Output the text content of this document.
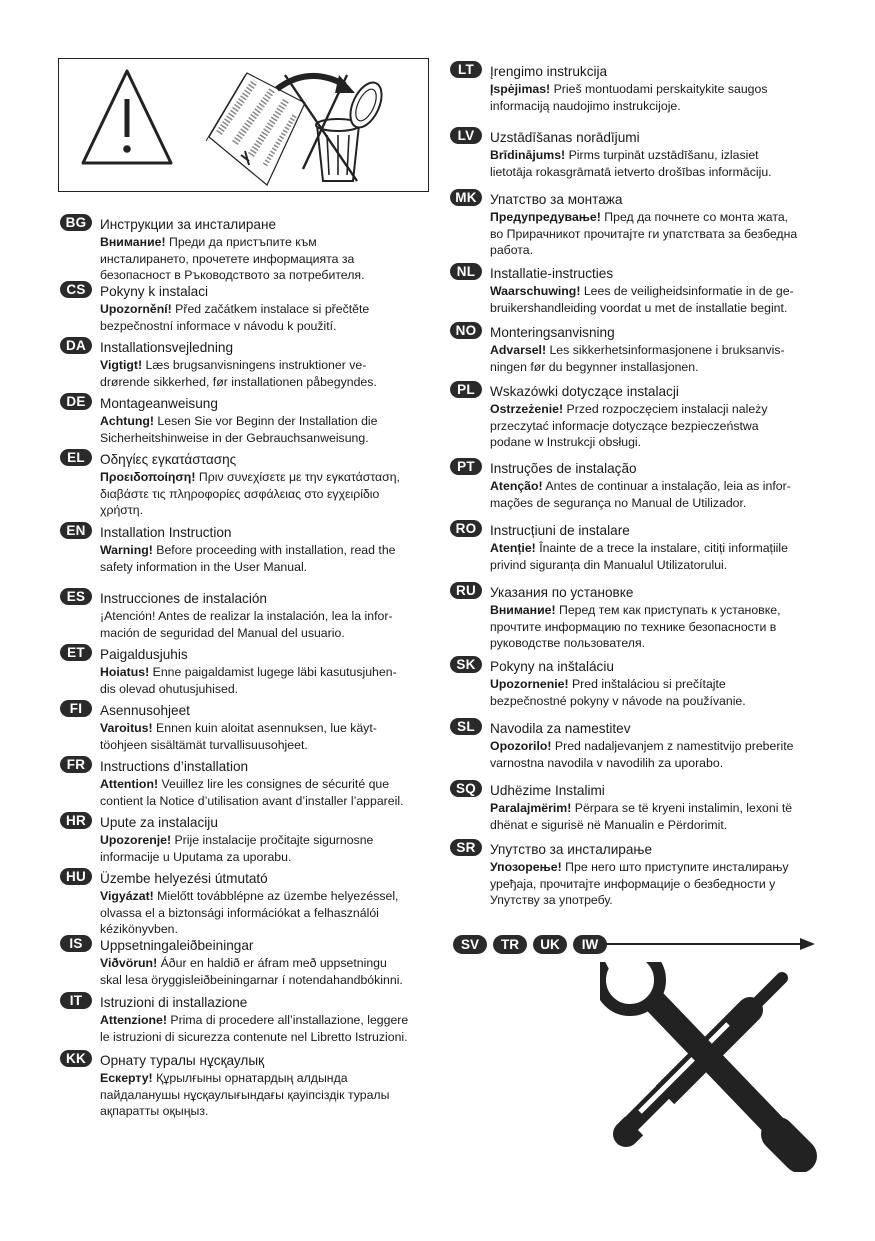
BG	Инструкции за инсталиране
Внимание! Преди да пристъпите към
инсталирането, прочетете информацията за
безопасност в Ръководството за потребителя.
CS	Pokyny k instalaci
Upozornění! Před začátkem instalace si přečtěte
bezpečnostní informace v návodu k použití.
DA	Installationsvejledning
Vigtigt! Læs brugsanvisningens instruktioner ve-
drørende sikkerhed, før installationen påbegyndes.
DE	Montageanweisung
Achtung! Lesen Sie vor Beginn der Installation die
Sicherheitshinweise in der Gebrauchsanweisung.
EL	Οδηγίες εγκατάστασης
Προειδοποίηση! Πριν συνεχίσετε με την εγκατάσταση,
διαβάστε τις πληροφορίες ασφάλειας στο εγχειρίδιο
χρήστη.
EN	Installation Instruction
Warning! Before proceeding with installation, read the
safety information in the User Manual.
ES	Instrucciones de instalación
¡Atención! Antes de realizar la instalación, lea la infor-
mación de seguridad del Manual del usuario.
ET	Paigaldusjuhis
Hoiatus! Enne paigaldamist lugege läbi kasutusjuhen-
dis olevad ohutusjuhised.
FI	Asennusohjeet
Varoitus! Ennen kuin aloitat asennuksen, lue käyt-
töohjeen sisältämät turvallisuusohjeet.
FR	Instructions d’installation
Attention! Veuillez lire les consignes de sécurité que
contient la Notice d’utilisation avant d’installer l’appareil.
HR	Upute za instalaciju
Upozorenje! Prije instalacije pročitajte sigurnosne
informacije u Uputama za uporabu.
HU	Üzembe helyezési útmutató
Vigyázat! Mielőtt továbblépne az üzembe helyezéssel,
olvassa el a biztonsági információkat a felhasználói
kézikönyvben.
IS	Uppsetningaleiðbeiningar
Viðvörun! Áður en haldið er áfram með uppsetningu
skal lesa öryggisleiðbeiningarnar í notendahandbókinni.
IT	Istruzioni di installazione
Attenzione! Prima di procedere all’installazione, leggere
le istruzioni di sicurezza contenute nel Libretto Istruzioni.
KK	Орнату туралы нұсқаулық
Ескерту! Құрылғыны орнатардың алдында
пайдаланушы нұсқаулығындағы қауіпсіздік туралы
ақпаратты оқыңыз.
LT	Įrengimo instrukcija
Įspėjimas! Prieš montuodami perskaitykite saugos
informaciją naudojimo instrukcijoje.
LV	Uzstādīšanas norādījumi
Brīdinājums! Pirms turpināt uzstādīšanu, izlasiet
lietotāja rokasgrāmatā ietverto drošības informāciju.
MK Упатство за монтажа
Предупредување! Пред да почнете со монта жата,
во Прирачникот прочитајте ги упатствата за безбедна
работа.
NL	Installatie-instructies
Waarschuwing! Lees de veiligheidsinformatie in de ge-
bruikershandleiding voordat u met de installatie begint.
NO	Monteringsanvisning
Advarsel! Les sikkerhetsinformasjonene i bruksanvis-
ningen før du begynner installasjonen.
PL	Wskazówki dotyczące instalacji
Ostrzeżenie! Przed rozpoczęciem instalacji należy
przeczytać informacje dotyczące bezpieczeństwa
podane w Instrukcji obsługi.
PT	Instruções de instalação
Atenção! Antes de continuar a instalação, leia as infor-
mações de segurança no Manual de Utilizador.
RO	Instrucțiuni de instalare
Atenție! Înainte de a trece la instalare, citiți informațiile
privind siguranța din Manualul Utilizatorului.
RU	Указания по установке
Внимание! Перед тем как приступать к установке,
прочтите информацию по технике безопасности в
руководстве пользователя.
SK	Pokyny na inštaláciu
Upozornenie! Pred inštaláciou si prečítajte
bezpečnostné pokyny v návode na používanie.
SL	Navodila za namestitev
Opozorilo! Pred nadaljevanjem z namestitvijo preberite
varnostna navodila v navodilih za uporabo.
SQ	Udhëzime Instalimi
Paralajmërim! Përpara se të kryeni instalimin, lexoni të
dhënat e sigurisë në Manualin e Përdorimit.
SR	Упутство за инсталирање
Упозорење! Пре него што приступите инсталирању
уређаја, прочитајте информације о безбедности у
Упутству за употребу.
SV	TR	UK	IW
